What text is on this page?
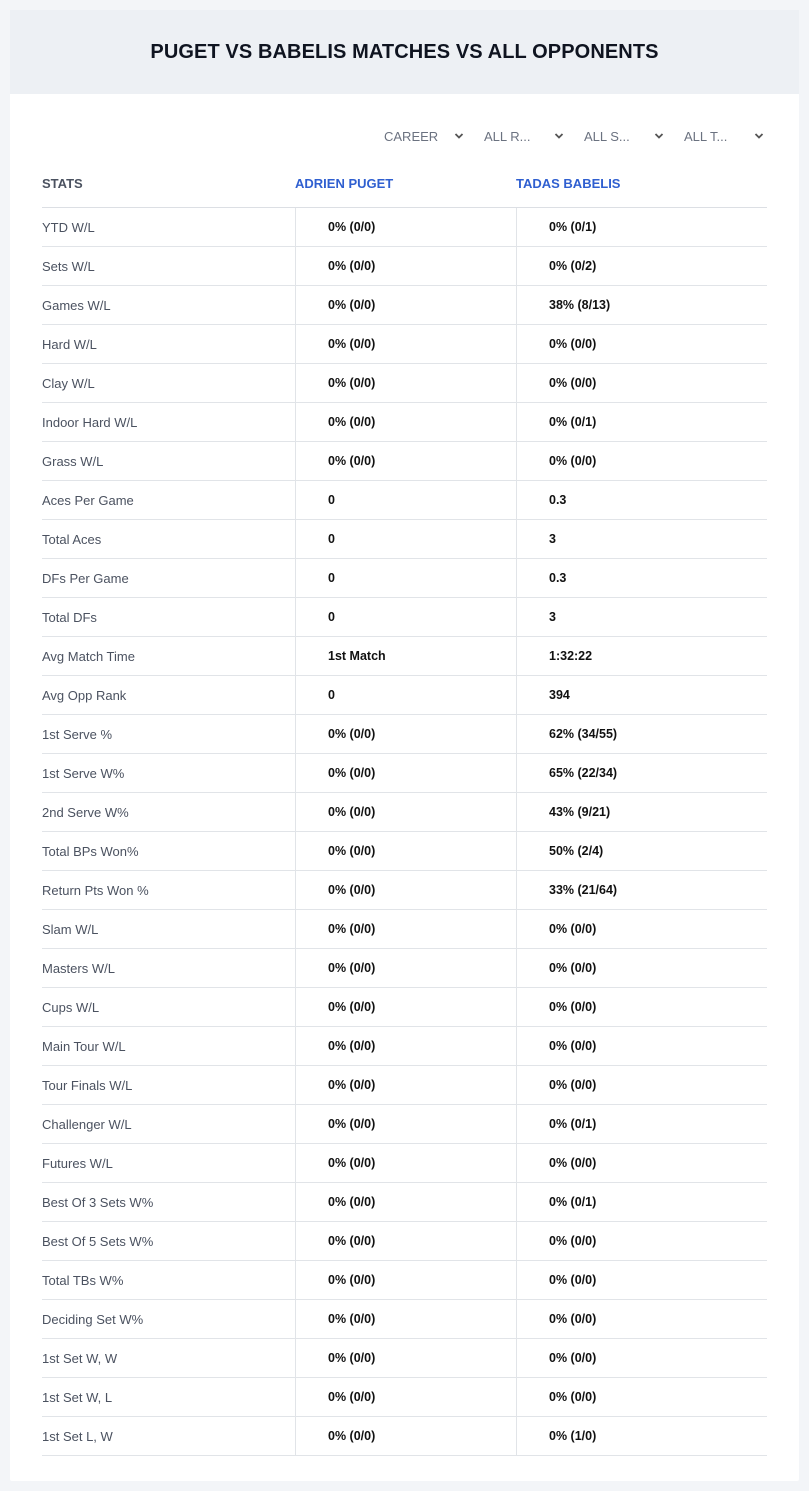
PUGET VS BABELIS MATCHES VS ALL OPPONENTS
CAREER	ALL R...	ALL S...	ALL T...
STATS	ADRIEN PUGET	TADAS BABELIS
YTD W/L	0% (0/0)	0% (0/1)
Sets W/L	0% (0/0)	0% (0/2)
Games W/L	0% (0/0)	38% (8/13)
Hard W/L	0% (0/0)	0% (0/0)
Clay W/L	0% (0/0)	0% (0/0)
Indoor Hard W/L	0% (0/0)	0% (0/1)
Grass W/L	0% (0/0)	0% (0/0)
Aces Per Game	0	0.3
Total Aces	0	3
DFs Per Game	0	0.3
Total DFs	0	3
Avg Match Time	1st Match	1:32:22
Avg Opp Rank	0	394
1st Serve %	0% (0/0)	62% (34/55)
1st Serve W%	0% (0/0)	65% (22/34)
2nd Serve W%	0% (0/0)	43% (9/21)
Total BPs Won%	0% (0/0)	50% (2/4)
Return Pts Won %	0% (0/0)	33% (21/64)
Slam W/L	0% (0/0)	0% (0/0)
Masters W/L	0% (0/0)	0% (0/0)
Cups W/L	0% (0/0)	0% (0/0)
Main Tour W/L	0% (0/0)	0% (0/0)
Tour Finals W/L	0% (0/0)	0% (0/0)
Challenger W/L	0% (0/0)	0% (0/1)
Futures W/L	0% (0/0)	0% (0/0)
Best Of 3 Sets W%	0% (0/0)	0% (0/1)
Best Of 5 Sets W%	0% (0/0)	0% (0/0)
Total TBs W%	0% (0/0)	0% (0/0)
Deciding Set W%	0% (0/0)	0% (0/0)
1st Set W, W	0% (0/0)	0% (0/0)
1st Set W, L	0% (0/0)	0% (0/0)
1st Set L, W	0% (0/0)	0% (1/0)
